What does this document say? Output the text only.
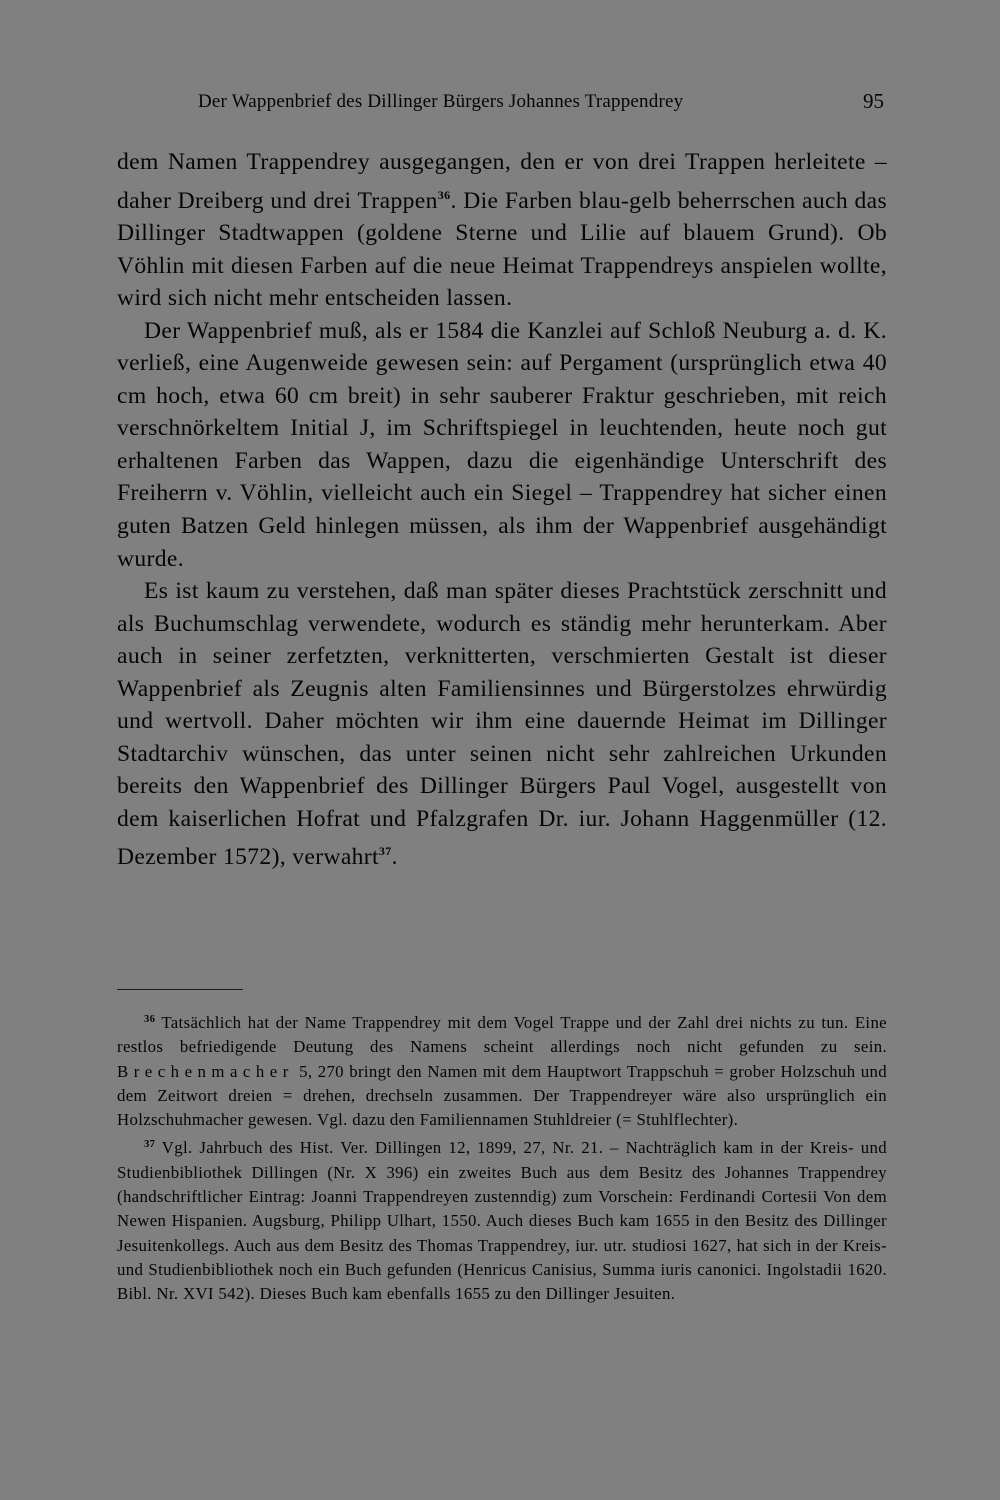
Der Wappenbrief des Dillinger Bürgers Johannes Trappendrey	95

dem Namen Trappendrey ausgegangen, den er von drei Trappen herleitete – daher Dreiberg und drei Trappen$^{36}$. Die Farben blau-gelb beherrschen auch das Dillinger Stadtwappen (goldene Sterne und Lilie auf blauem Grund). Ob Vöhlin mit diesen Farben auf die neue Heimat Trappendreys anspielen wollte, wird sich nicht mehr entscheiden lassen.

Der Wappenbrief muß, als er 1584 die Kanzlei auf Schloß Neuburg a. d. K. verließ, eine Augenweide gewesen sein: auf Pergament (ursprünglich etwa 40 cm hoch, etwa 60 cm breit) in sehr sauberer Fraktur geschrieben, mit reich verschnörkeltem Initial J, im Schriftspiegel in leuchtenden, heute noch gut erhaltenen Farben das Wappen, dazu die eigenhändige Unterschrift des Freiherrn v. Vöhlin, vielleicht auch ein Siegel – Trappendrey hat sicher einen guten Batzen Geld hinlegen müssen, als ihm der Wappenbrief ausgehändigt wurde.

Es ist kaum zu verstehen, daß man später dieses Prachtstück zerschnitt und als Buchumschlag verwendete, wodurch es ständig mehr herunterkam. Aber auch in seiner zerfetzten, verknitterten, verschmierten Gestalt ist dieser Wappenbrief als Zeugnis alten Familiensinnes und Bürgerstolzes ehrwürdig und wertvoll. Daher möchten wir ihm eine dauernde Heimat im Dillinger Stadtarchiv wünschen, das unter seinen nicht sehr zahlreichen Urkunden bereits den Wappenbrief des Dillinger Bürgers Paul Vogel, ausgestellt von dem kaiserlichen Hofrat und Pfalzgrafen Dr. iur. Johann Haggenmüller (12. Dezember 1572), verwahrt$^{37}$.

$^{36}$ Tatsächlich hat der Name Trappendrey mit dem Vogel Trappe und der Zahl drei nichts zu tun. Eine restlos befriedigende Deutung des Namens scheint allerdings noch nicht gefunden zu sein. Brechenmacher 5, 270 bringt den Namen mit dem Hauptwort Trappschuh = grober Holzschuh und dem Zeitwort dreien = drehen, drechseln zusammen. Der Trappendreyer wäre also ursprünglich ein Holzschuhmacher gewesen. Vgl. dazu den Familiennamen Stuhldreier (= Stuhlflechter).

$^{37}$ Vgl. Jahrbuch des Hist. Ver. Dillingen 12, 1899, 27, Nr. 21. – Nachträglich kam in der Kreis- und Studienbibliothek Dillingen (Nr. X 396) ein zweites Buch aus dem Besitz des Johannes Trappendrey (handschriftlicher Eintrag: Joanni Trappendreyen zustenndig) zum Vorschein: Ferdinandi Cortesii Von dem Newen Hispanien. Augsburg, Philipp Ulhart, 1550. Auch dieses Buch kam 1655 in den Besitz des Dillinger Jesuitenkollegs. Auch aus dem Besitz des Thomas Trappendrey, iur. utr. studiosi 1627, hat sich in der Kreis- und Studienbibliothek noch ein Buch gefunden (Henricus Canisius, Summa iuris canonici. Ingolstadii 1620. Bibl. Nr. XVI 542). Dieses Buch kam ebenfalls 1655 zu den Dillinger Jesuiten.
